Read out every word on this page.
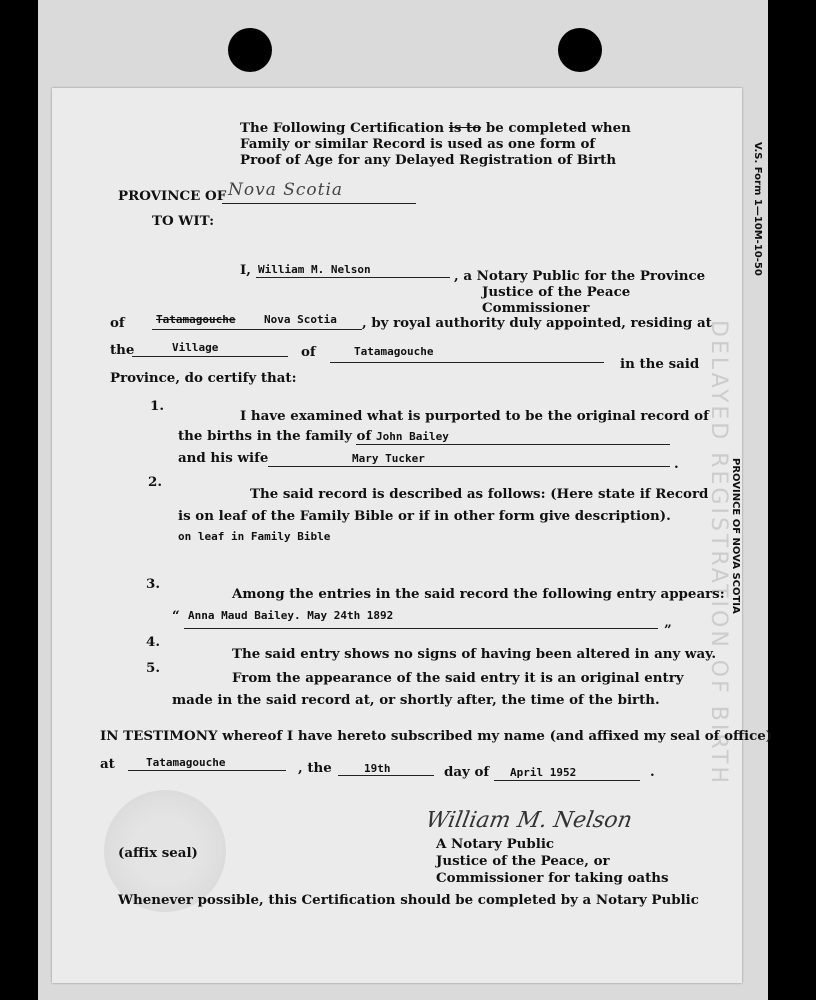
DELAYED REGISTRATION OF BIRTH
V.S. Form 1—10M-10-50
PROVINCE OF NOVA SCOTIA
The Following Certification is to be completed when
Family or similar Record is used as one form of
Proof of Age for any Delayed Registration of Birth
PROVINCE OF Nova Scotia
TO WIT:
I, William M. Nelson	, a Notary Public for the Province
Justice of the Peace
Commissioner
of	Tatamagouche	Nova Scotia , by royal authority duly appointed, residing at
the	Village	of	Tatamagouche
in the said
Province, do certify that:
1.
I have examined what is purported to be the original record of
the births in the family of John Bailey
and his wife	Mary Tucker	.
2.
The said record is described as follows: (Here state if Record
is on leaf of the Family Bible or if in other form give description).
on leaf in Family Bible
3.
Among the entries in the said record the following entry appears:
“ Anna Maud Bailey. May 24th 1892
”
4.
The said entry shows no signs of having been altered in any way.
5.
From the appearance of the said entry it is an original entry
made in the said record at, or shortly after, the time of the birth.
IN TESTIMONY whereof I have hereto subscribed my name (and affixed my seal of office)
at	Tatamagouche	, the	19th	day of April 1952	.
(affix seal)
William M. Nelson
A Notary Public
Justice of the Peace, or
Commissioner for taking oaths
Whenever possible, this Certification should be completed by a Notary Public
